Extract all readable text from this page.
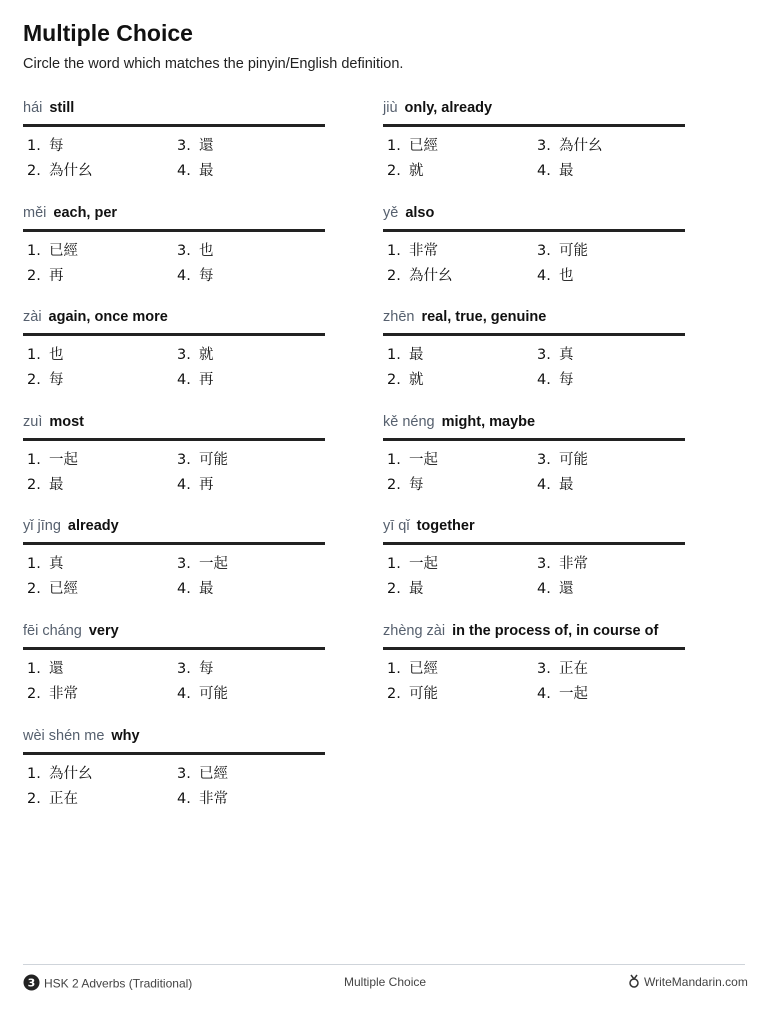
Multiple Choice
Circle the word which matches the pinyin/English definition.
hái still
1. 每
2. 為什幺
3. 還
4. 最
jiù only, already
1. 已經
2. 就
3. 為什幺
4. 最
měi each, per
1. 已經
2. 再
3. 也
4. 每
yě also
1. 非常
2. 為什幺
3. 可能
4. 也
zài again, once more
1. 也
2. 每
3. 就
4. 再
zhēn real, true, genuine
1. 最
2. 就
3. 真
4. 每
zuì most
1. 一起
2. 最
3. 可能
4. 再
kě néng might, maybe
1. 一起
2. 每
3. 可能
4. 最
yǐ jīng already
1. 真
2. 已經
3. 一起
4. 最
yī qǐ together
1. 一起
2. 最
3. 非常
4. 還
fēi cháng very
1. 還
2. 非常
3. 每
4. 可能
zhèng zài in the process of, in course of
1. 已經
2. 可能
3. 正在
4. 一起
wèi shén me why
1. 為什幺
2. 正在
3. 已經
4. 非常
3 HSK 2 Adverbs (Traditional)	Multiple Choice	WriteMandarin.com
